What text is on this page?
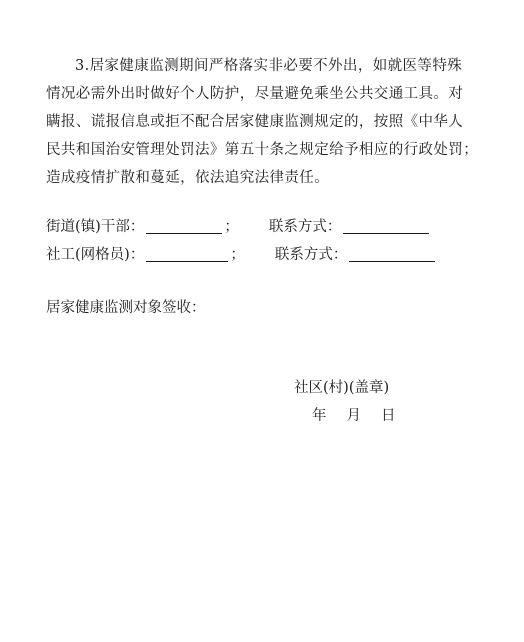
3.居家健康监测期间严格落实非必要不外出，如就医等特殊
情况必需外出时做好个人防护，尽量避免乘坐公共交通工具。对
瞒报、谎报信息或拒不配合居家健康监测规定的，按照《中华人
民共和国治安管理处罚法》第五十条之规定给予相应的行政处罚；
造成疫情扩散和蔓延，依法追究法律责任。
街道(镇)干部：	； 联系方式：
社工(网格员)：	； 联系方式：
居家健康监测对象签收：
社区(村)(盖章)
年 月 日
